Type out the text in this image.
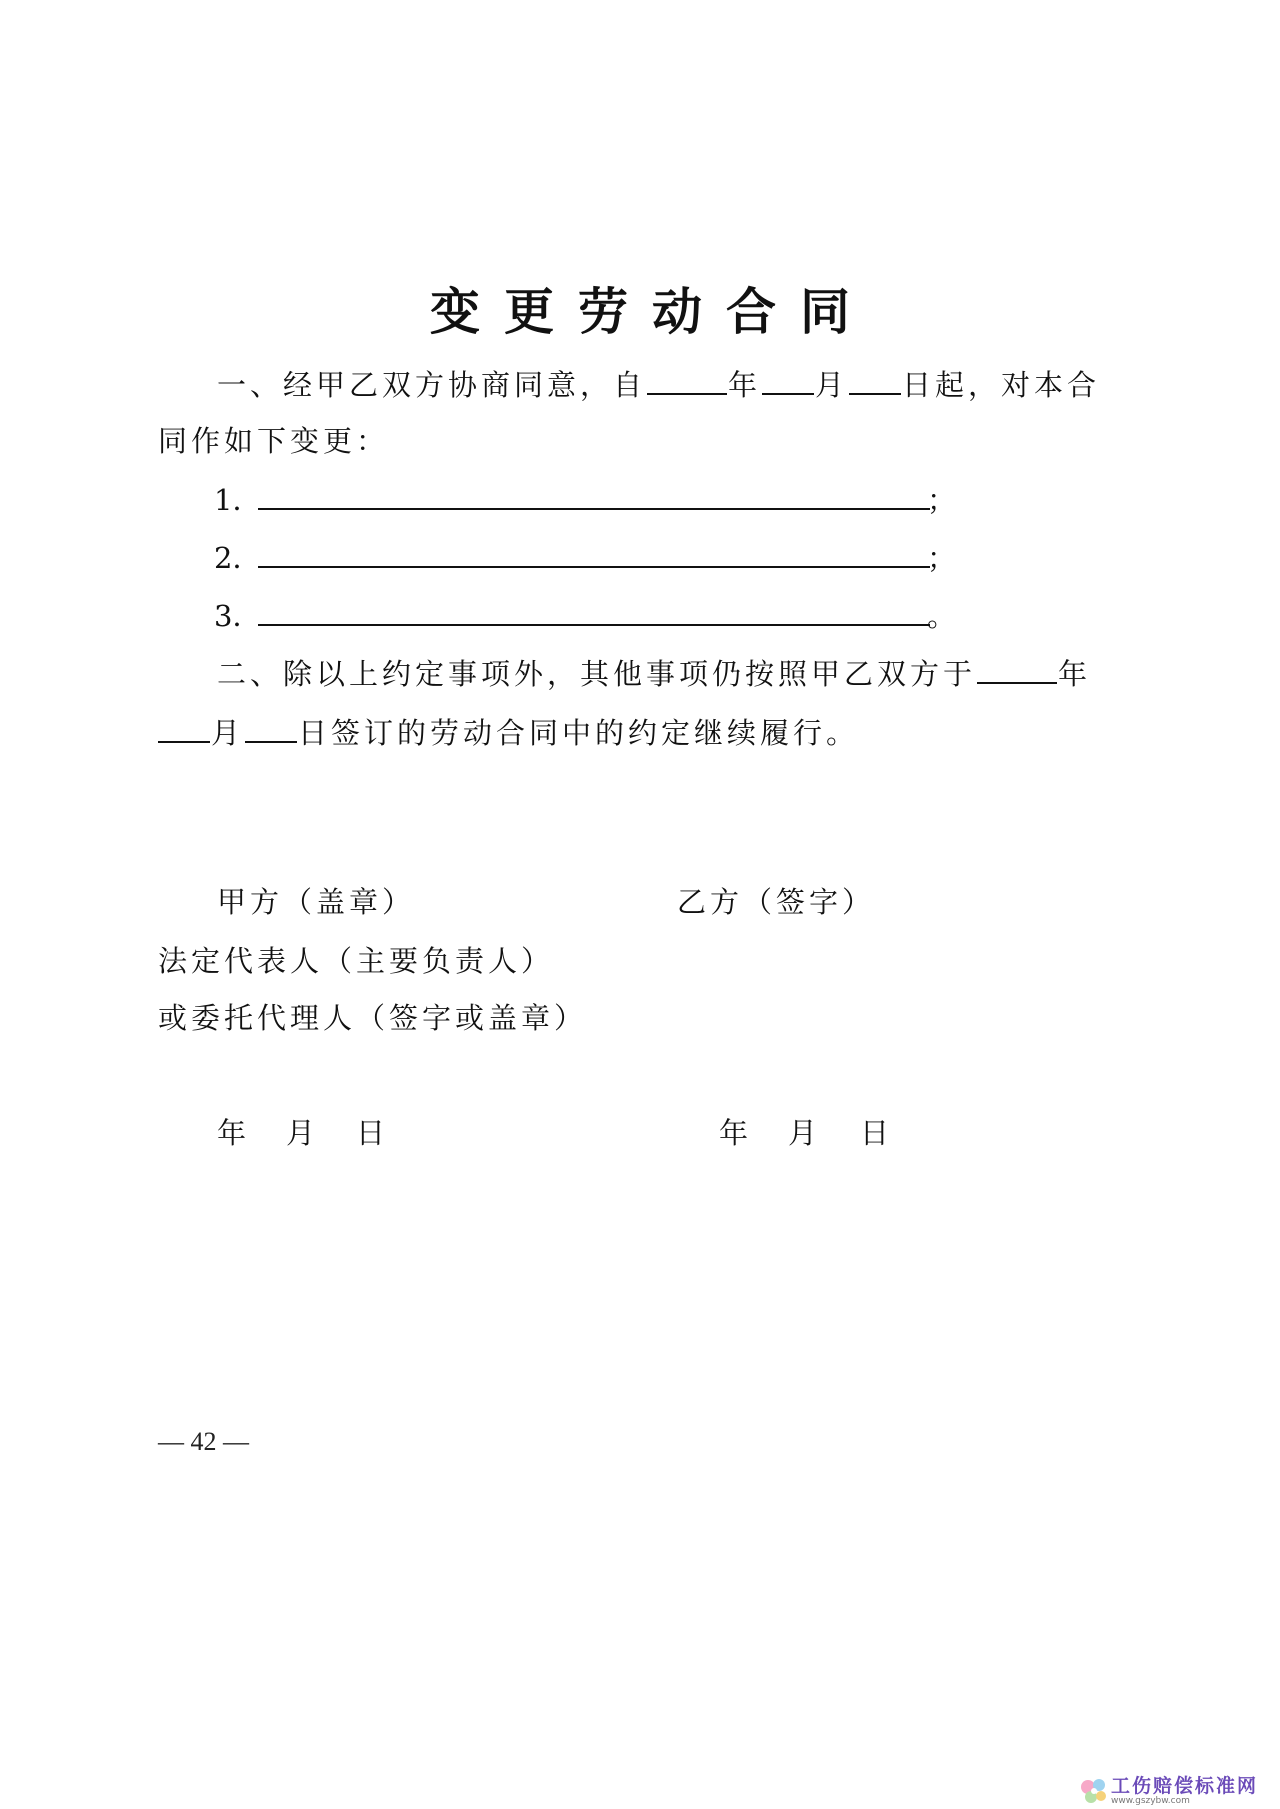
变更劳动合同
一、经甲乙双方协商同意，自	年 月 日起，对本合
同作如下变更：
1．	；
2．	；
3．	。
二、除以上约定事项外，其他事项仍按照甲乙双方于	年
月 日签订的劳动合同中的约定继续履行。
甲方（盖章）	乙方（签字）
法定代表人（主要负责人）
或委托代理人（签字或盖章）
年 月 日	年 月 日
— 42 —
工伤赔偿标准网
www.gszybw.com
